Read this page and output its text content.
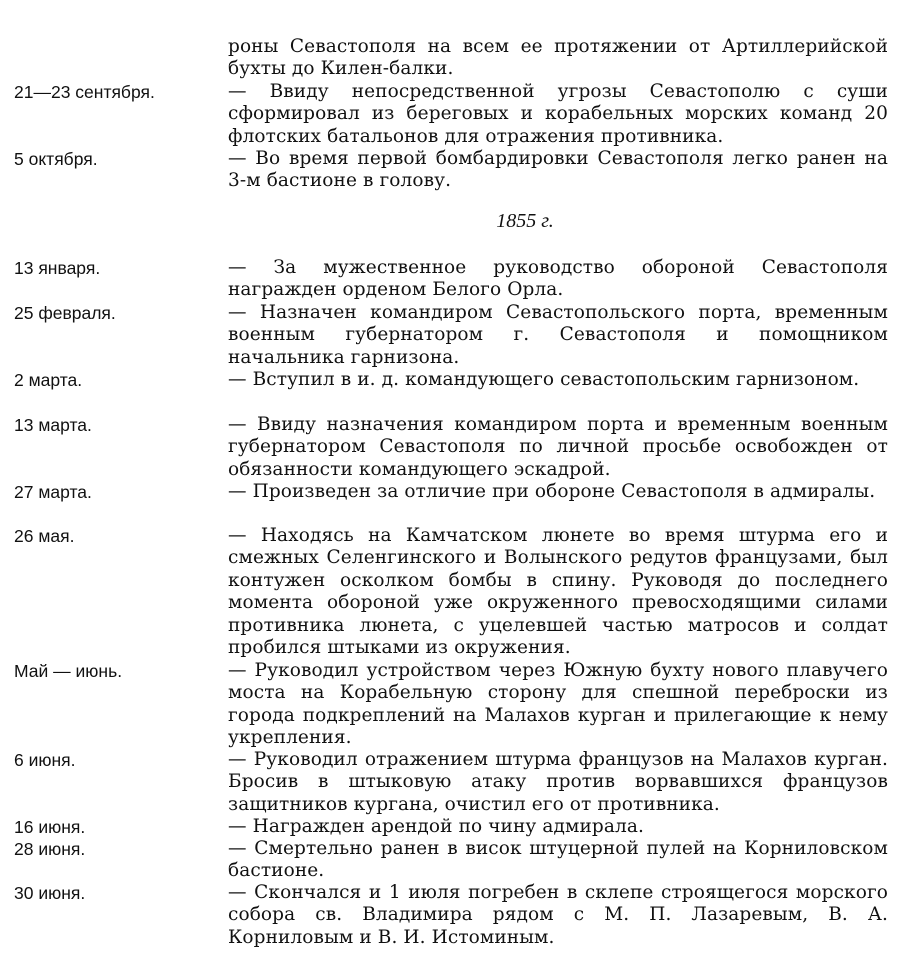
роны Севастополя на всем ее протяжении от Артиллерийской бухты до Килен-балки.
21—23 сентября.	— Ввиду непосредственной угрозы Севастополю с суши сформировал из береговых и корабельных морских команд 20 флотских батальонов для отражения противника.
5 октября.	— Во время первой бомбардировки Севастополя легко ранен на 3-м бастионе в голову.
1855 г.
13 января.	— За мужественное руководство обороной Севастополя награжден орденом Белого Орла.
25 февраля.	— Назначен командиром Севастопольского порта, временным военным губернатором г. Севастополя и помощником начальника гарнизона.
2 марта.	— Вступил в и. д. командующего севастопольским гарнизоном.
13 марта.	— Ввиду назначения командиром порта и временным военным губернатором Севастополя по личной просьбе освобожден от обязанности командующего эскадрой.
27 марта.	— Произведен за отличие при обороне Севастополя в адмиралы.
26 мая.	— Находясь на Камчатском люнете во время штурма его и смежных Селенгинского и Волынского редутов французами, был контужен осколком бомбы в спину. Руководя до последнего момента обороной уже окруженного превосходящими силами противника люнета, с уцелевшей частью матросов и солдат пробился штыками из окружения.
Май — июнь.	— Руководил устройством через Южную бухту нового плавучего моста на Корабельную сторону для спешной переброски из города подкреплений на Малахов курган и прилегающие к нему укрепления.
6 июня.	— Руководил отражением штурма французов на Малахов курган. Бросив в штыковую атаку против ворвавшихся французов защитников кургана, очистил его от противника.
16 июня.	— Награжден арендой по чину адмирала.
28 июня.	— Смертельно ранен в висок штуцерной пулей на Корниловском бастионе.
30 июня.	— Скончался и 1 июля погребен в склепе строящегося морского собора св. Владимира рядом с М. П. Лазаревым, В. А. Корниловым и В. И. Истоминым.
